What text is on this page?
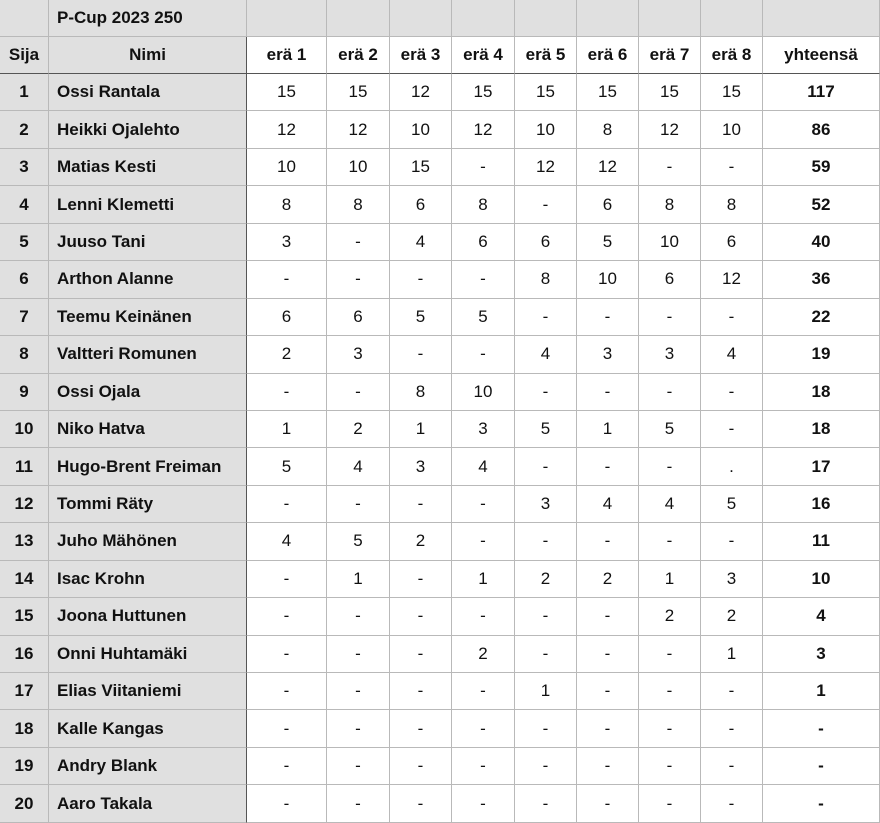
P-Cup 2023 250
Sija	Nimi	erä 1	erä 2	erä 3	erä 4	erä 5	erä 6	erä 7	erä 8	yhteensä
1	Ossi Rantala	15	15	12	15	15	15	15	15	117
2	Heikki Ojalehto	12	12	10	12	10	8	12	10	86
3	Matias Kesti	10	10	15	-	12	12	-	-	59
4	Lenni Klemetti	8	8	6	8	-	6	8	8	52
5	Juuso Tani	3	-	4	6	6	5	10	6	40
6	Arthon Alanne	-	-	-	-	8	10	6	12	36
7	Teemu Keinänen	6	6	5	5	-	-	-	-	22
8	Valtteri Romunen	2	3	-	-	4	3	3	4	19
9	Ossi Ojala	-	-	8	10	-	-	-	-	18
10	Niko Hatva	1	2	1	3	5	1	5	-	18
11	Hugo-Brent Freiman	5	4	3	4	-	-	-	.	17
12	Tommi Räty	-	-	-	-	3	4	4	5	16
13	Juho Mähönen	4	5	2	-	-	-	-	-	11
14	Isac Krohn	-	1	-	1	2	2	1	3	10
15	Joona Huttunen	-	-	-	-	-	-	2	2	4
16	Onni Huhtamäki	-	-	-	2	-	-	-	1	3
17	Elias Viitaniemi	-	-	-	-	1	-	-	-	1
18	Kalle Kangas	-	-	-	-	-	-	-	-	-
19	Andry Blank	-	-	-	-	-	-	-	-	-
20	Aaro Takala	-	-	-	-	-	-	-	-	-
